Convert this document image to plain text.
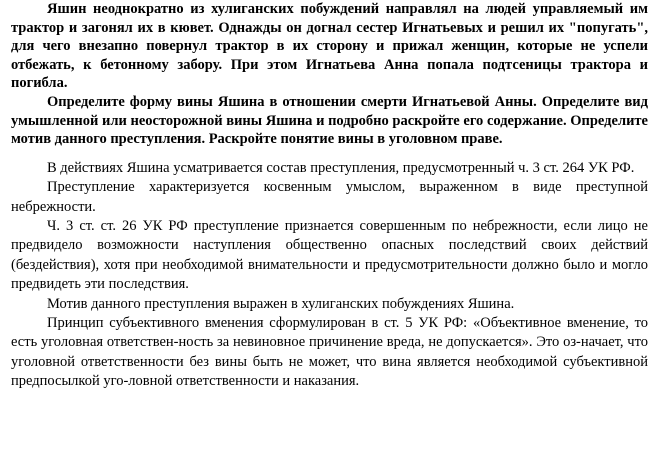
Яшин неоднократно из хулиганских побуждений направлял на людей управляемый им трактор и загонял их в кювет. Однажды он догнал сестер Игнатьевых и решил их "попугать", для чего внезапно повернул трактор в их сторону и прижал женщин, которые не успели отбежать, к бетонному забору. При этом Игнатьева Анна попала подтсеницы трактора и погибла.

Определите форму вины Яшина в отношении смерти Игнатьевой Анны. Определите вид умышленной или неосторожной вины Яшина и подробно раскройте его содержание. Определите мотив данного преступления. Раскройте понятие вины в уголовном праве.

В действиях Яшина усматривается состав преступления, предусмотренный ч. 3 ст. 264 УК РФ.

Преступление характеризуется косвенным умыслом, выраженном в виде преступной небрежности.

Ч. 3 ст. ст. 26 УК РФ преступление признается совершенным по небрежности, если лицо не предвидело возможности наступления общественно опасных последствий своих действий (бездействия), хотя при необходимой внимательности и предусмотрительности должно было и могло предвидеть эти последствия.

Мотив данного преступления выражен в хулиганских побуждениях Яшина.

Принцип субъективного вменения сформулирован в ст. 5 УК РФ: «Объективное вменение, то есть уголовная ответствен-ность за невиновное причинение вреда, не допускается». Это оз-начает, что уголовной ответственности без вины быть не может, что вина является необходимой субъективной предпосылкой уго-ловной ответственности и наказания.
